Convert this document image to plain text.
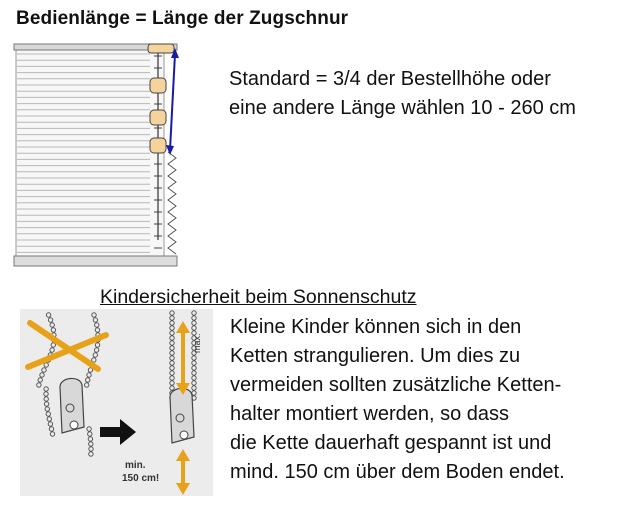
Bedienlänge = Länge der Zugschnur
Standard = 3/4 der Bestellhöhe oder
eine andere Länge wählen 10 - 260 cm
Kindersicherheit beim Sonnenschutz
max.
min.
150 cm!
Kleine Kinder können sich in den
Ketten strangulieren. Um dies zu
vermeiden sollten zusätzliche Ketten-
halter montiert werden, so dass
die Kette dauerhaft gespannt ist und
mind. 150 cm über dem Boden endet.
